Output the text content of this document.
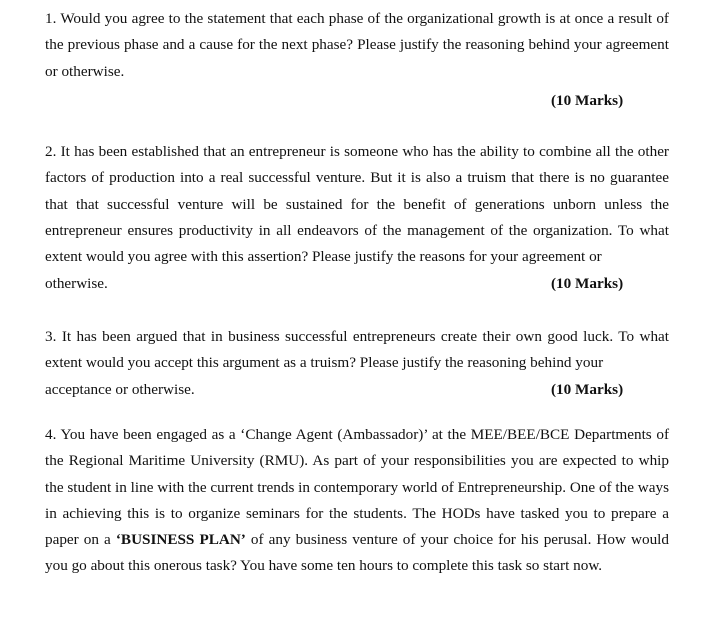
1. Would you agree to the statement that each phase of the organizational growth is at once a result of the previous phase and a cause for the next phase? Please justify the reasoning behind your agreement or otherwise.

(10 Marks)

2. It has been established that an entrepreneur is someone who has the ability to combine all the other factors of production into a real successful venture. But it is also a truism that there is no guarantee that that successful venture will be sustained for the benefit of generations unborn unless the entrepreneur ensures productivity in all endeavors of the management of the organization. To what extent would you agree with this assertion? Please justify the reasons for your agreement or

otherwise.	(10 Marks)

3. It has been argued that in business successful entrepreneurs create their own good luck. To what extent would you accept this argument as a truism? Please justify the reasoning behind your

acceptance or otherwise.	(10 Marks)

4. You have been engaged as a ‘Change Agent (Ambassador)’ at the MEE/BEE/BCE Departments of the Regional Maritime University (RMU). As part of your responsibilities you are expected to whip the student in line with the current trends in contemporary world of Entrepreneurship. One of the ways in achieving this is to organize seminars for the students. The HODs have tasked you to prepare a paper on a ‘BUSINESS PLAN’ of any business venture of your choice for his perusal. How would you go about this onerous task? You have some ten hours to complete this task so start now.
